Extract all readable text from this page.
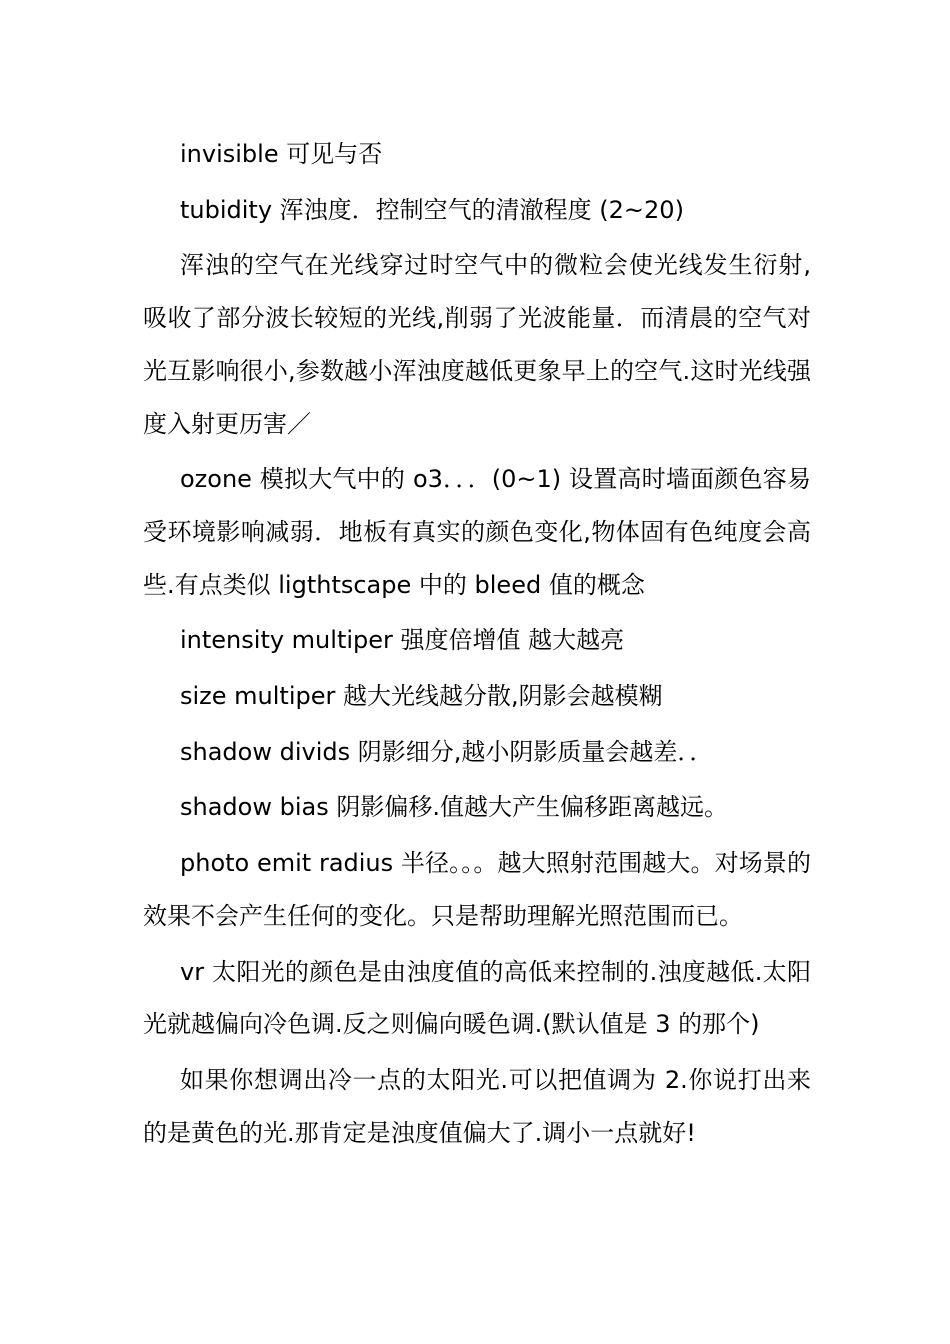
invisible 可见与否

tubidity 浑浊度．控制空气的清澈程度 (2~20)

浑浊的空气在光线穿过时空气中的微粒会使光线发生衍射,吸收了部分波长较短的光线,削弱了光波能量．而清晨的空气对光互影响很小,参数越小浑浊度越低更象早上的空气.这时光线强度入射更历害／

ozone 模拟大气中的 o3．．．(0~1) 设置高时墙面颜色容易受环境影响减弱．地板有真实的颜色变化,物体固有色纯度会高些.有点类似 ligthtscape 中的 bleed 值的概念

intensity multiper 强度倍增值 越大越亮

size multiper 越大光线越分散,阴影会越模糊

shadow divids 阴影细分,越小阴影质量会越差．．

shadow bias 阴影偏移.值越大产生偏移距离越远。

photo emit radius 半径。。。越大照射范围越大。对场景的效果不会产生任何的变化。只是帮助理解光照范围而已。

vr 太阳光的颜色是由浊度值的高低来控制的.浊度越低.太阳光就越偏向冷色调.反之则偏向暖色调.(默认值是 3 的那个)

如果你想调出冷一点的太阳光.可以把值调为 2.你说打出来的是黄色的光.那肯定是浊度值偏大了.调小一点就好!
